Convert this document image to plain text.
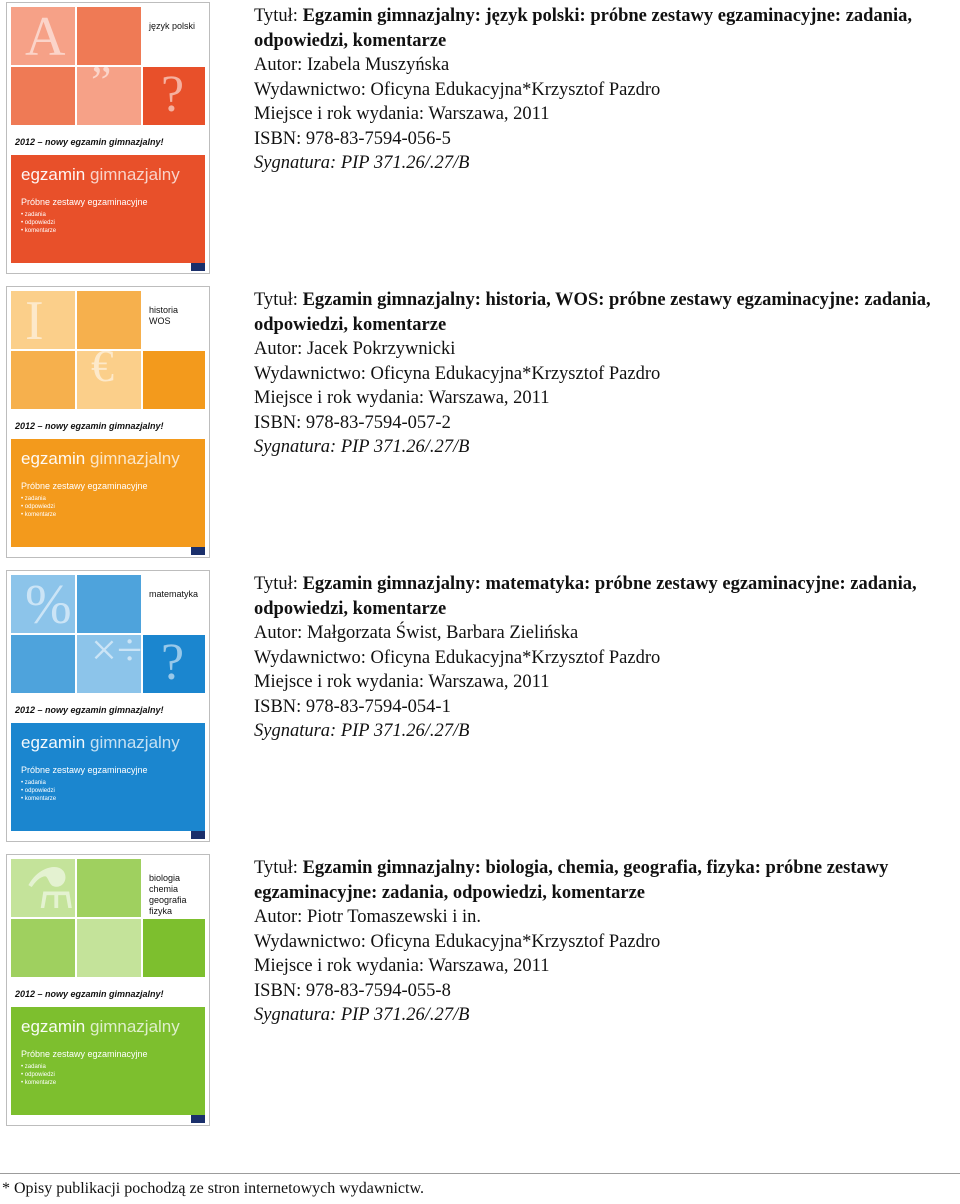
język polski
A
” ?
2012 – nowy egzamin gimnazjalny!
egzamin gimnazjalny
Próbne zestawy egzaminacyjne
• zadania
• odpowiedzi
• komentarze
Tytuł: Egzamin gimnazjalny: język polski: próbne zestawy egzaminacyjne: zadania, odpowiedzi, komentarze
Autor: Izabela Muszyńska
Wydawnictwo: Oficyna Edukacyjna*Krzysztof Pazdro
Miejsce i rok wydania: Warszawa, 2011
ISBN: 978-83-7594-056-5
Sygnatura: PIP 371.26/.27/B
historia
WOS
I
€
2012 – nowy egzamin gimnazjalny!
egzamin gimnazjalny
Próbne zestawy egzaminacyjne
• zadania
• odpowiedzi
• komentarze
Tytuł: Egzamin gimnazjalny: historia, WOS: próbne zestawy egzaminacyjne: zadania, odpowiedzi, komentarze
Autor: Jacek Pokrzywnicki
Wydawnictwo: Oficyna Edukacyjna*Krzysztof Pazdro
Miejsce i rok wydania: Warszawa, 2011
ISBN: 978-83-7594-057-2
Sygnatura: PIP 371.26/.27/B
matematyka
%
×÷ ?
2012 – nowy egzamin gimnazjalny!
egzamin gimnazjalny
Próbne zestawy egzaminacyjne
• zadania
• odpowiedzi
• komentarze
Tytuł: Egzamin gimnazjalny: matematyka: próbne zestawy egzaminacyjne: zadania, odpowiedzi, komentarze
Autor: Małgorzata Świst, Barbara Zielińska
Wydawnictwo: Oficyna Edukacyjna*Krzysztof Pazdro
Miejsce i rok wydania: Warszawa, 2011
ISBN: 978-83-7594-054-1
Sygnatura: PIP 371.26/.27/B
biologia
chemia
geografia
fizyka
⚗
2012 – nowy egzamin gimnazjalny!
egzamin gimnazjalny
Próbne zestawy egzaminacyjne
• zadania
• odpowiedzi
• komentarze
Tytuł: Egzamin gimnazjalny: biologia, chemia, geografia, fizyka: próbne zestawy egzaminacyjne: zadania, odpowiedzi, komentarze
Autor: Piotr Tomaszewski i in.
Wydawnictwo: Oficyna Edukacyjna*Krzysztof Pazdro
Miejsce i rok wydania: Warszawa, 2011
ISBN: 978-83-7594-055-8
Sygnatura: PIP 371.26/.27/B
* Opisy publikacji pochodzą ze stron internetowych wydawnictw.
